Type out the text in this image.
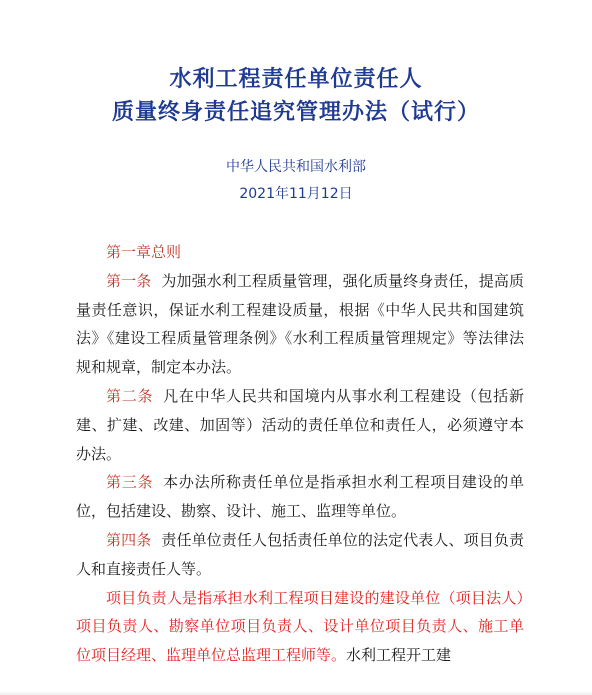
水利工程责任单位责任人
质量终身责任追究管理办法（试行）
中华人民共和国水利部
2021年11月12日

第一章总则

第一条 为加强水利工程质量管理，强化质量终身责任，提高质量责任意识，保证水利工程建设质量，根据《中华人民共和国建筑法》《建设工程质量管理条例》《水利工程质量管理规定》等法律法规和规章，制定本办法。

第二条 凡在中华人民共和国境内从事水利工程建设（包括新建、扩建、改建、加固等）活动的责任单位和责任人，必须遵守本办法。

第三条 本办法所称责任单位是指承担水利工程项目建设的单位，包括建设、勘察、设计、施工、监理等单位。

第四条 责任单位责任人包括责任单位的法定代表人、项目负责人和直接责任人等。

项目负责人是指承担水利工程项目建设的建设单位（项目法人）项目负责人、勘察单位项目负责人、设计单位项目负责人、施工单位项目经理、监理单位总监理工程师等。水利工程开工建
